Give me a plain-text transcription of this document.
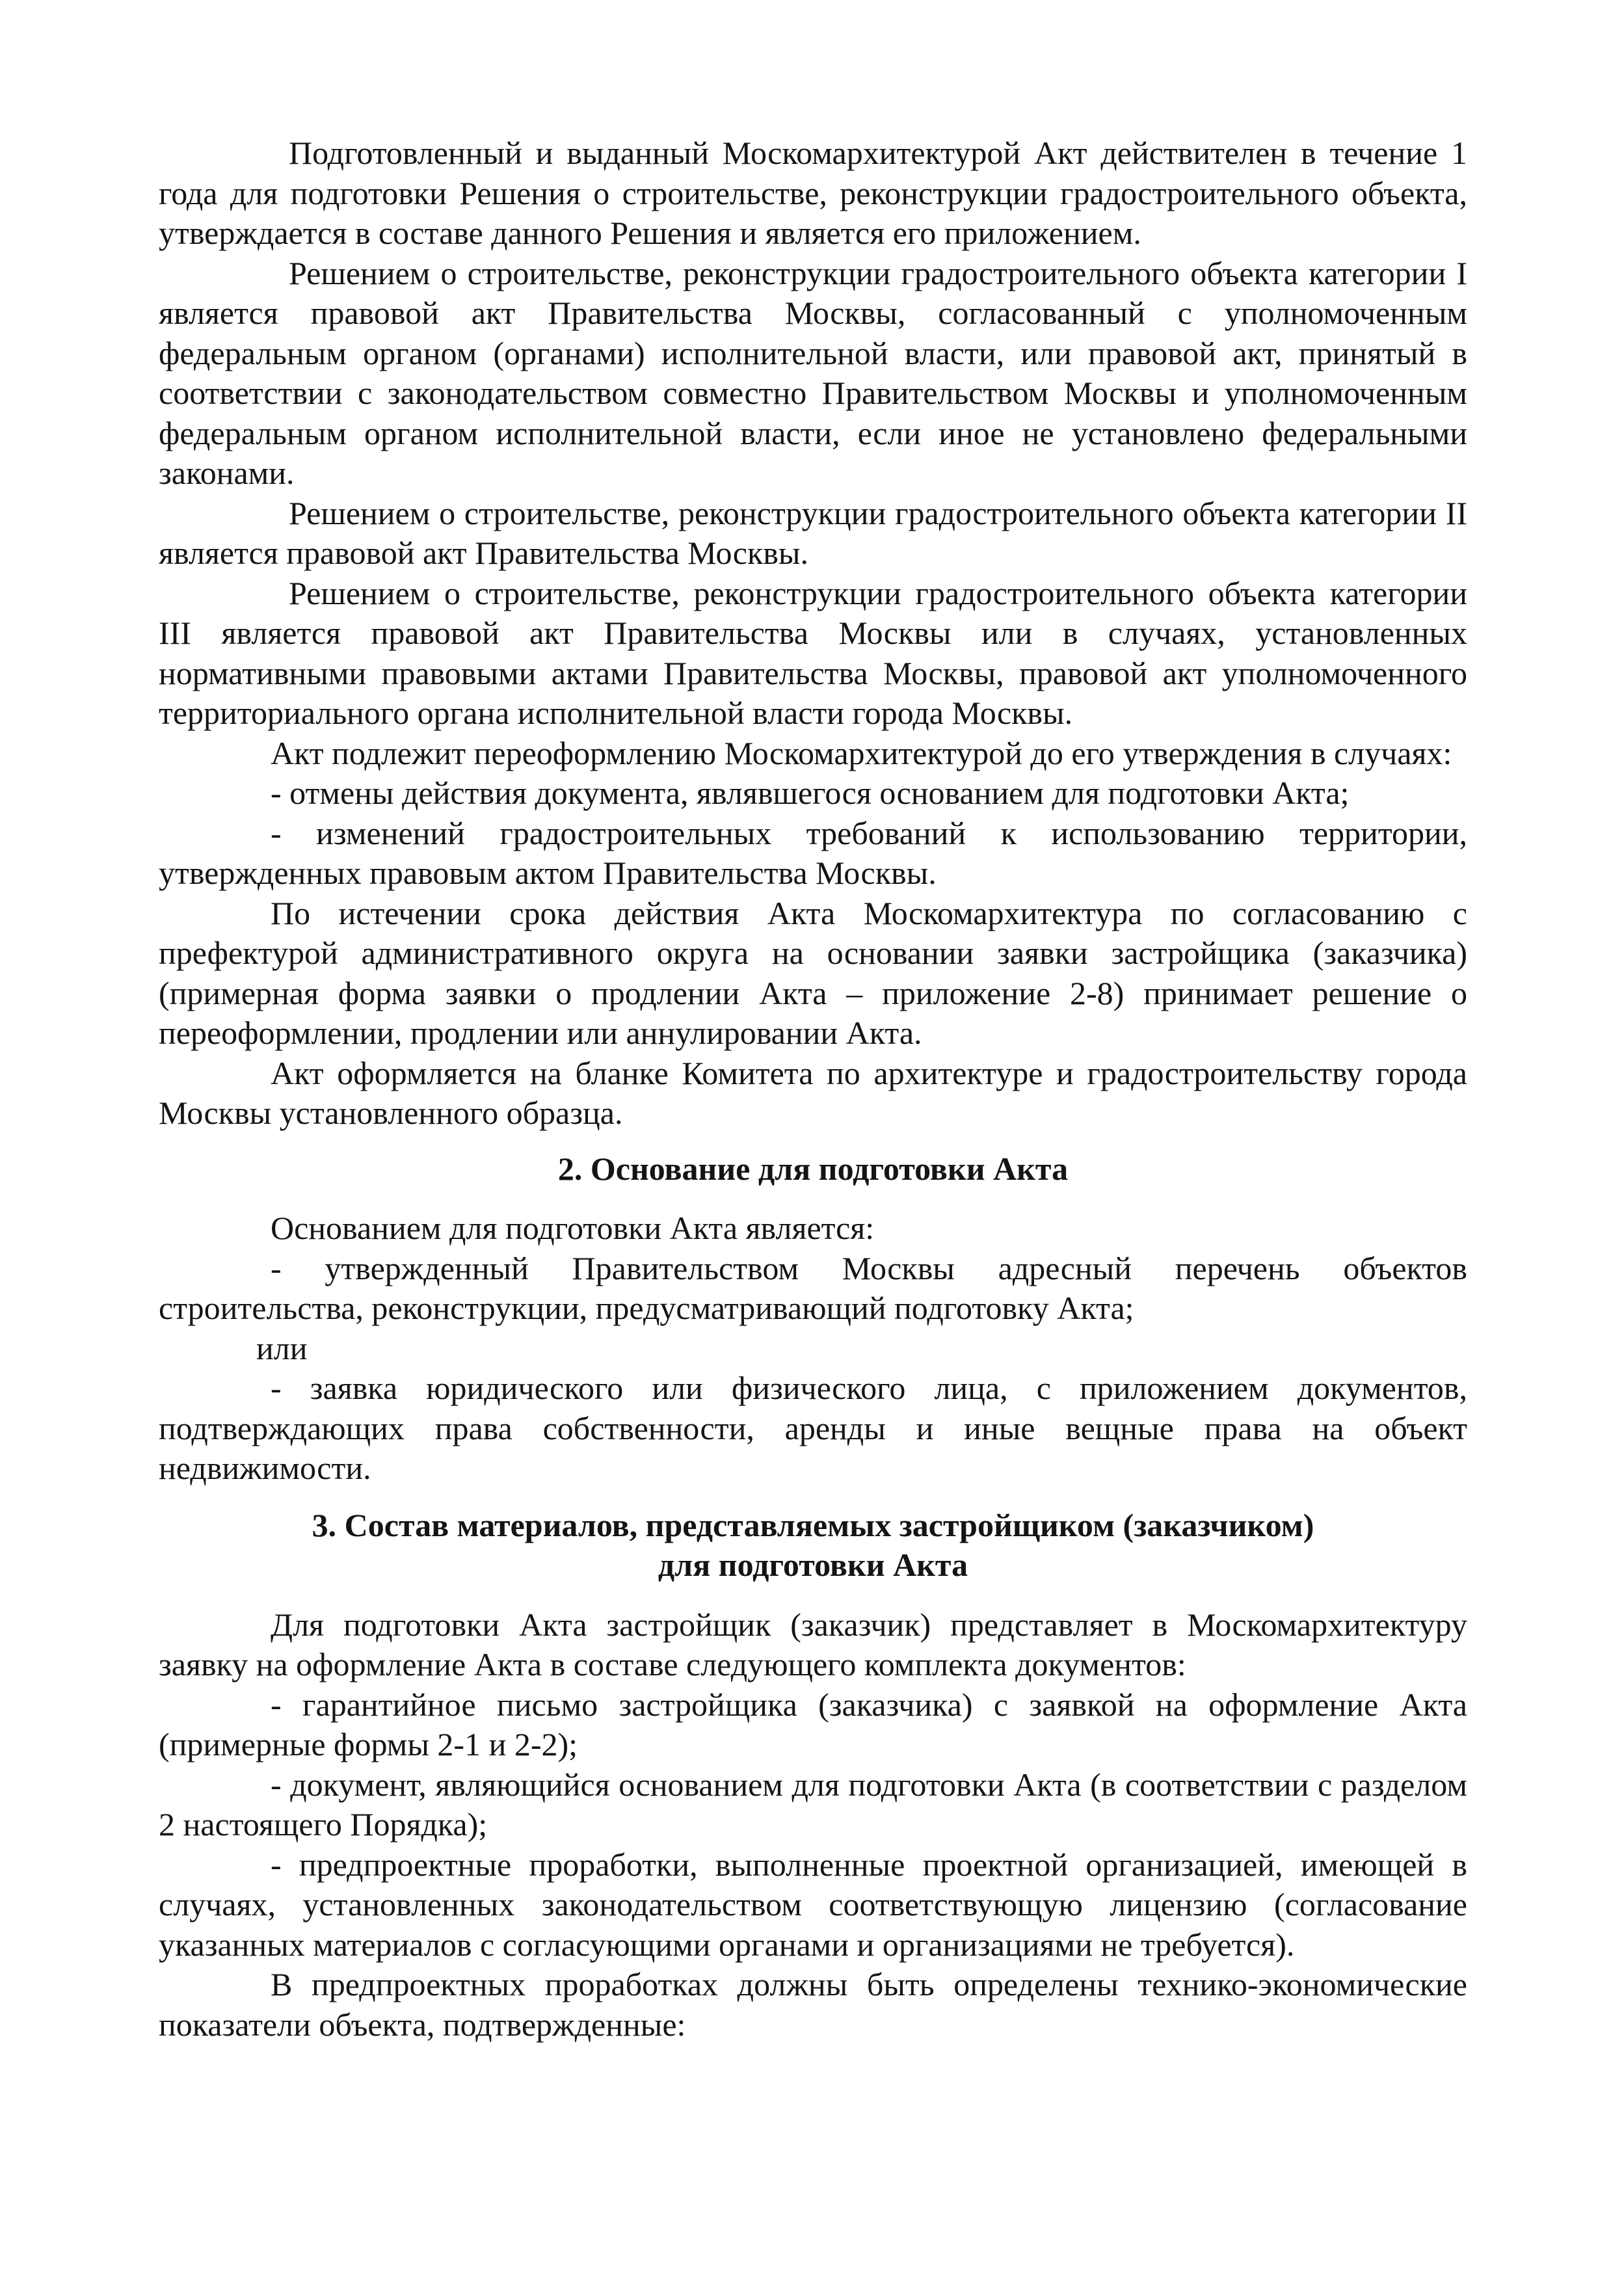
Подготовленный и выданный Москомархитектурой Акт действителен в течение 1 года для подготовки Решения о строительстве, реконструкции градостроительного объекта, утверждается в составе данного Решения и является его приложением.

Решением о строительстве, реконструкции градостроительного объекта категории I является правовой акт Правительства Москвы, согласованный с уполномоченным федеральным органом (органами) исполнительной власти, или правовой акт, принятый в соответствии с законодательством совместно Правительством Москвы и уполномоченным федеральным органом исполнительной власти, если иное не установлено федеральными законами.

Решением о строительстве, реконструкции градостроительного объекта категории II является правовой акт Правительства Москвы.

Решением о строительстве, реконструкции градостроительного объекта категории III является правовой акт Правительства Москвы или в случаях, установленных нормативными правовыми актами Правительства Москвы, правовой акт уполномоченного территориального органа исполнительной власти города Москвы.

Акт подлежит переоформлению Москомархитектурой до его утверждения в случаях:

- отмены действия документа, являвшегося основанием для подготовки Акта;

- изменений градостроительных требований к использованию территории, утвержденных правовым актом Правительства Москвы.

По истечении срока действия Акта Москомархитектура по согласованию с префектурой административного округа на основании заявки застройщика (заказчика) (примерная форма заявки о продлении Акта – приложение 2-8) принимает решение о переоформлении, продлении или аннулировании Акта.

Акт оформляется на бланке Комитета по архитектуре и градостроительству города Москвы установленного образца.

2. Основание для подготовки Акта

Основанием для подготовки Акта является:

- утвержденный Правительством Москвы адресный перечень объектов строительства, реконструкции, предусматривающий подготовку Акта;

или

- заявка юридического или физического лица, с приложением документов, подтверждающих права собственности, аренды и иные вещные права на объект недвижимости.

3. Состав материалов, представляемых застройщиком (заказчиком)

для подготовки Акта

Для подготовки Акта застройщик (заказчик) представляет в Москомархитектуру заявку на оформление Акта в составе следующего комплекта документов:

- гарантийное письмо застройщика (заказчика) с заявкой на оформление Акта (примерные формы 2-1 и 2-2);

- документ, являющийся основанием для подготовки Акта (в соответствии с разделом 2 настоящего Порядка);

- предпроектные проработки, выполненные проектной организацией, имеющей в случаях, установленных законодательством соответствующую лицензию (согласование указанных материалов с согласующими органами и организациями не требуется).

В предпроектных проработках должны быть определены технико-экономические показатели объекта, подтвержденные:
